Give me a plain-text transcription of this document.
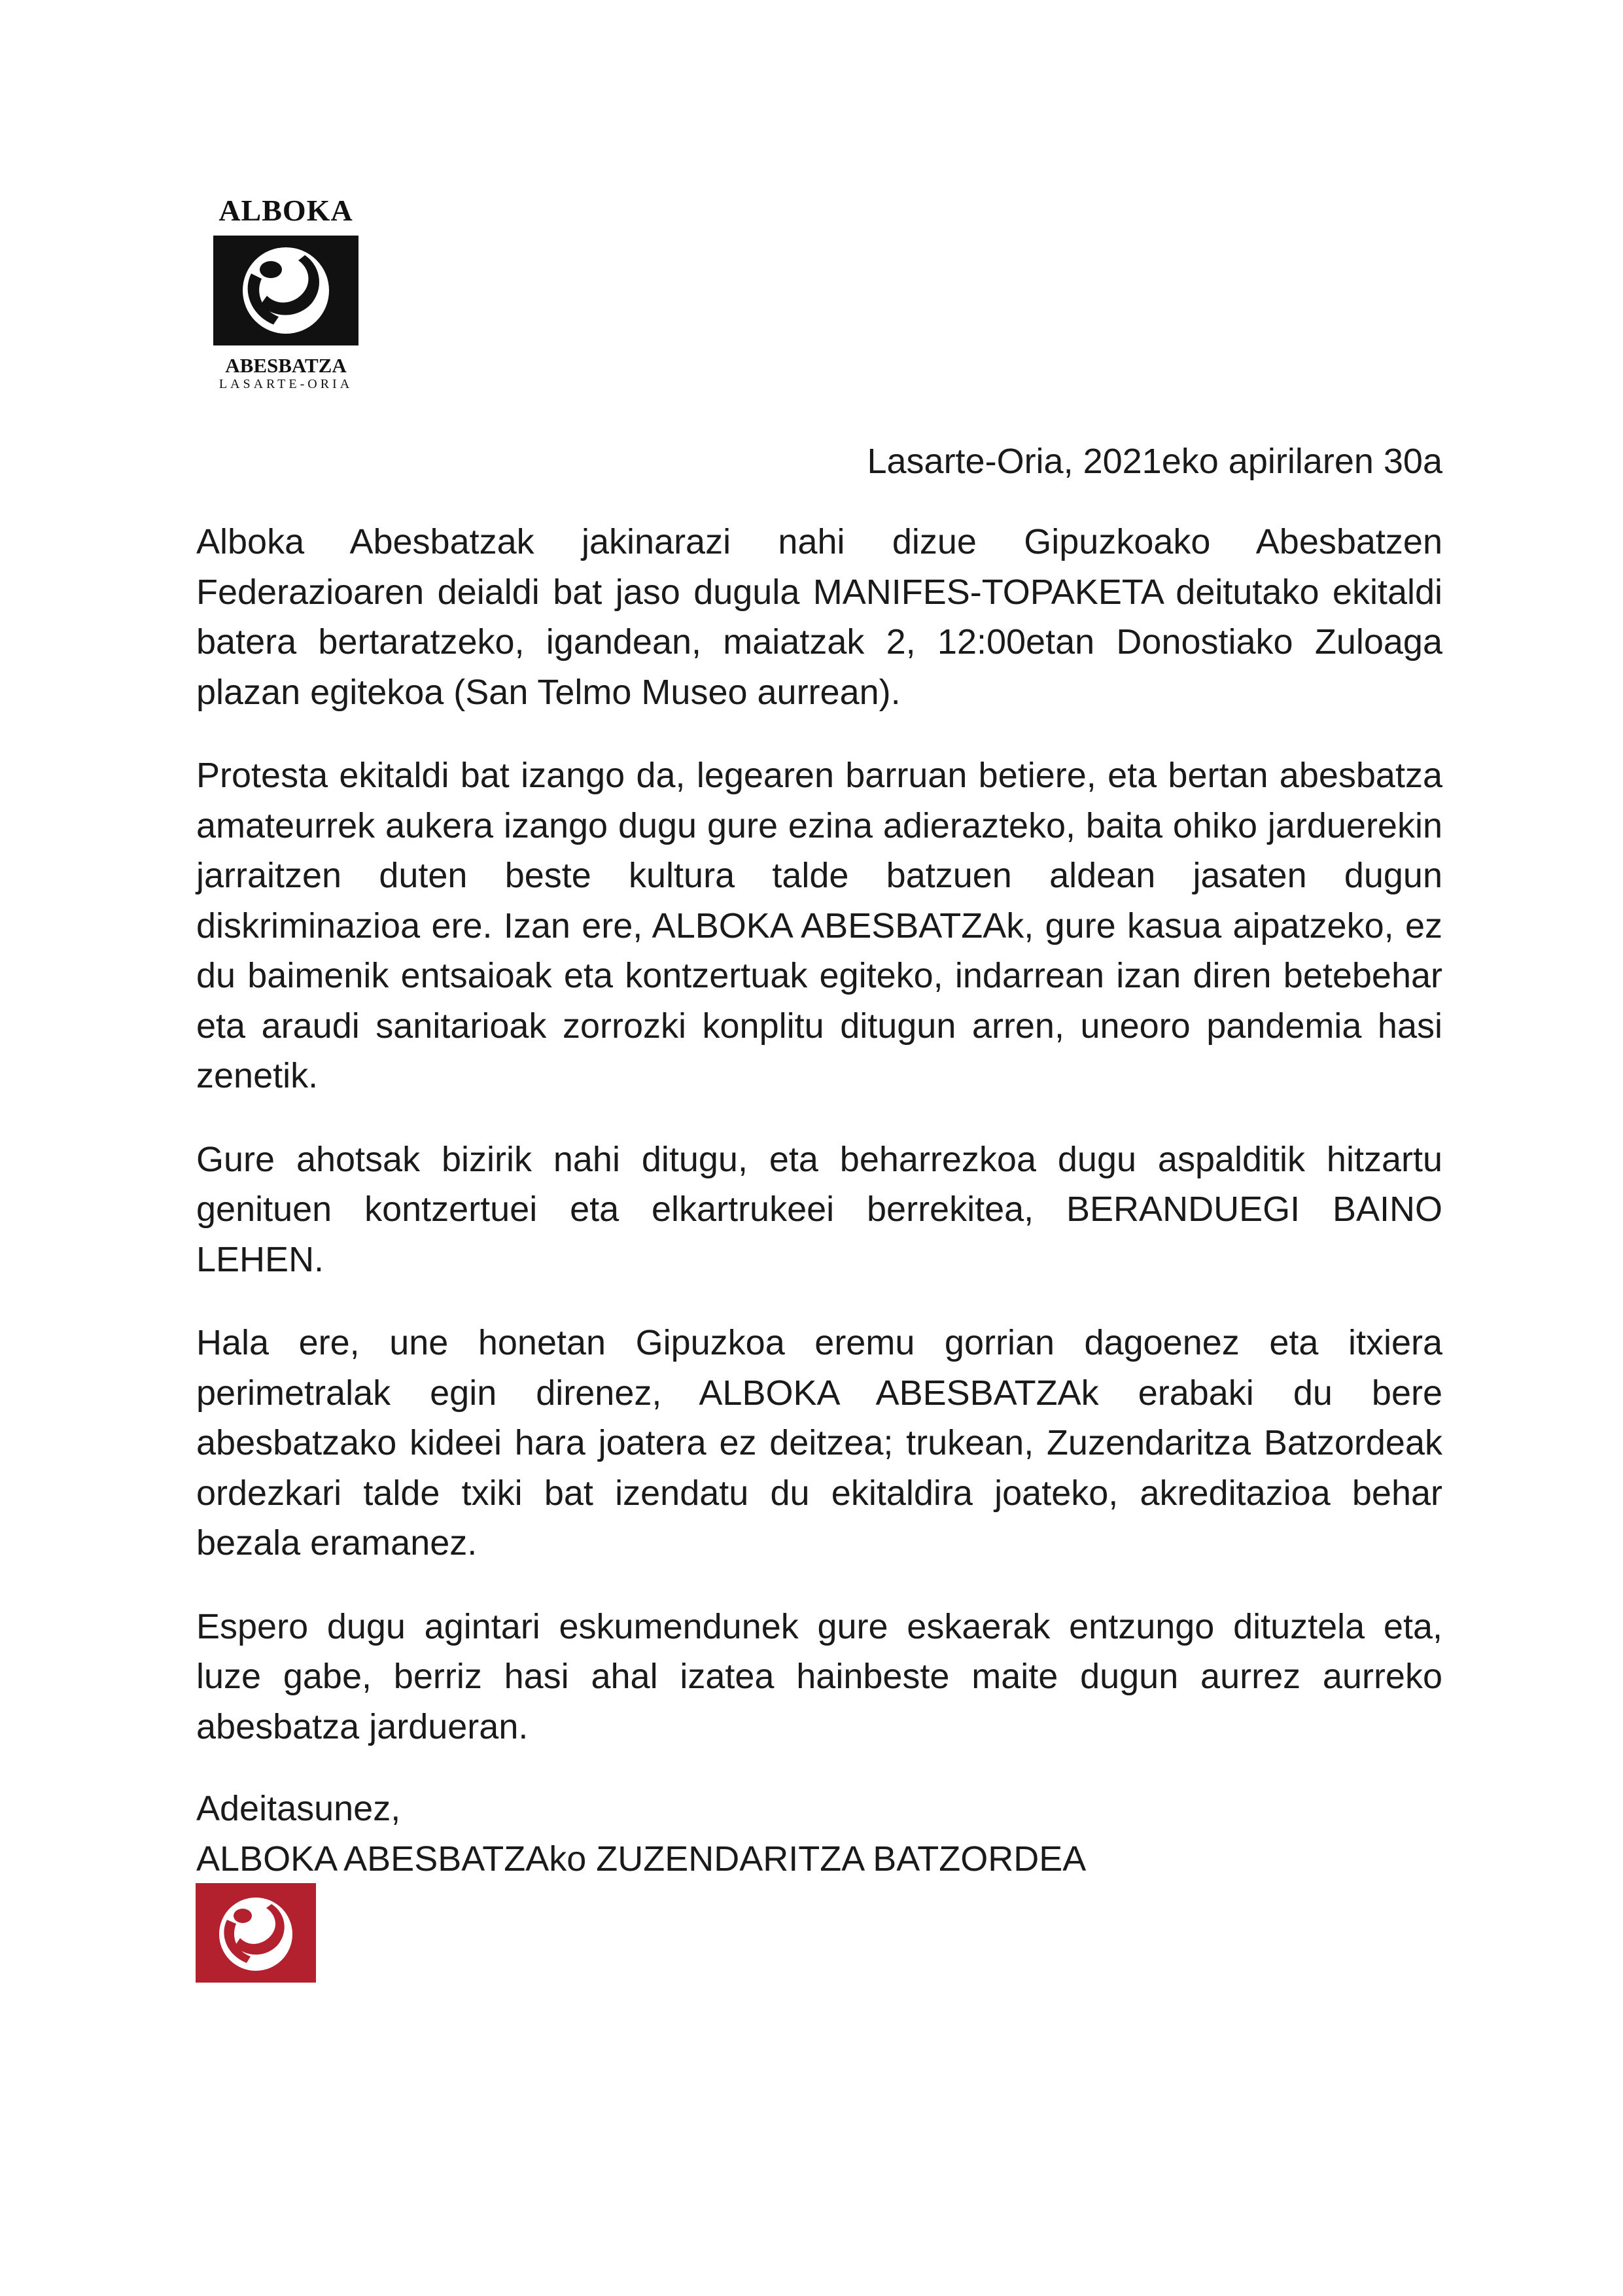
ALBOKA
ABESBATZA
LASARTE-ORIA
Lasarte-Oria, 2021eko apirilaren 30a

Alboka Abesbatzak jakinarazi nahi dizue Gipuzkoako Abesbatzen Federazioaren deialdi bat jaso dugula MANIFES-TOPAKETA deitutako ekitaldi batera bertaratzeko, igandean, maiatzak 2, 12:00etan Donostiako Zuloaga plazan egitekoa (San Telmo Museo aurrean).

Protesta ekitaldi bat izango da, legearen barruan betiere, eta bertan abesbatza amateurrek aukera izango dugu gure ezina adierazteko, baita ohiko jarduerekin jarraitzen duten beste kultura talde batzuen aldean jasaten dugun diskriminazioa ere. Izan ere, ALBOKA ABESBATZAk, gure kasua aipatzeko, ez du baimenik entsaioak eta kontzertuak egiteko, indarrean izan diren betebehar eta araudi sanitarioak zorrozki konplitu ditugun arren, uneoro pandemia hasi zenetik.

Gure ahotsak bizirik nahi ditugu, eta beharrezkoa dugu aspalditik hitzartu genituen kontzertuei eta elkartrukeei berrekitea, BERANDUEGI BAINO LEHEN.

Hala ere, une honetan Gipuzkoa eremu gorrian dagoenez eta itxiera perimetralak egin direnez, ALBOKA ABESBATZAk erabaki du bere abesbatzako kideei hara joatera ez deitzea; trukean, Zuzendaritza Batzordeak ordezkari talde txiki bat izendatu du ekitaldira joateko, akreditazioa behar bezala eramanez.

Espero dugu agintari eskumendunek gure eskaerak entzungo dituztela eta, luze gabe, berriz hasi ahal izatea hainbeste maite dugun aurrez aurreko abesbatza jardueran.

Adeitasunez,
ALBOKA ABESBATZAko ZUZENDARITZA BATZORDEA
